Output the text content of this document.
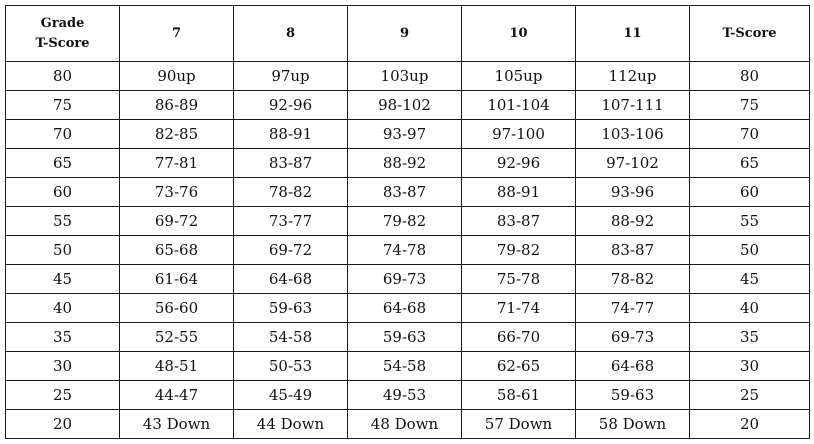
Grade
T-Score	7	8	9	10	11	T-Score
80	90up	97up	103up	105up	112up	80
75	86-89	92-96	98-102	101-104	107-111	75
70	82-85	88-91	93-97	97-100	103-106	70
65	77-81	83-87	88-92	92-96	97-102	65
60	73-76	78-82	83-87	88-91	93-96	60
55	69-72	73-77	79-82	83-87	88-92	55
50	65-68	69-72	74-78	79-82	83-87	50
45	61-64	64-68	69-73	75-78	78-82	45
40	56-60	59-63	64-68	71-74	74-77	40
35	52-55	54-58	59-63	66-70	69-73	35
30	48-51	50-53	54-58	62-65	64-68	30
25	44-47	45-49	49-53	58-61	59-63	25
20	43 Down	44 Down	48 Down	57 Down	58 Down	20
